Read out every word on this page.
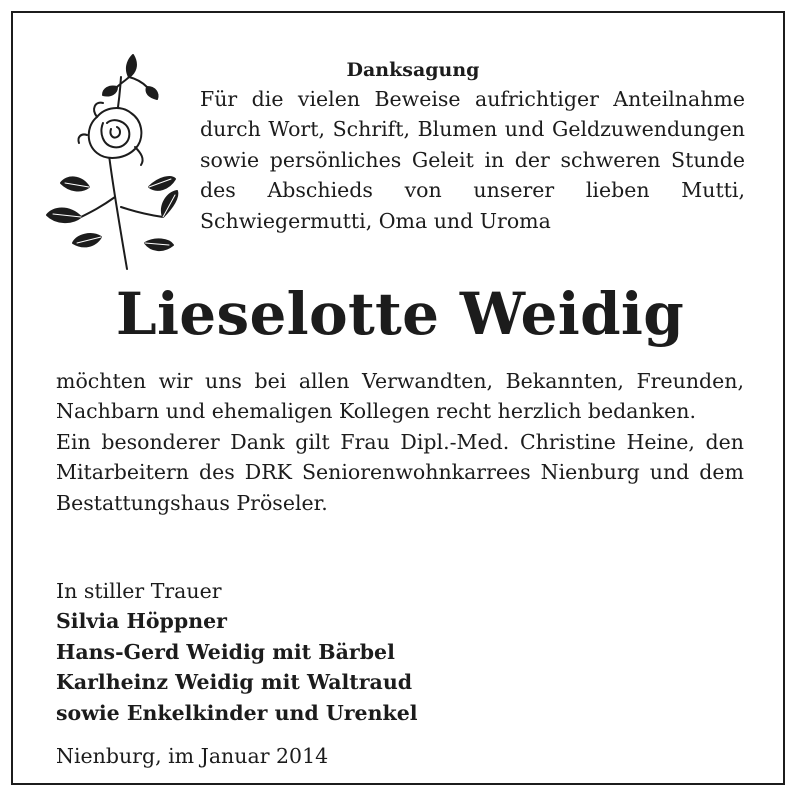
Danksagung

Für die vielen Beweise aufrichtiger Anteilnahme durch Wort, Schrift, Blumen und Geldzuwendungen sowie persönliches Geleit in der schweren Stunde des Abschieds von unserer lieben Mutti, Schwiegermutti, Oma und Uroma

Lieselotte Weidig
möchten wir uns bei allen Verwandten, Bekannten, Freunden, Nachbarn und ehemaligen Kollegen recht herzlich bedanken.
Ein besonderer Dank gilt Frau Dipl.-Med. Christine Heine, den Mitarbeitern des DRK Seniorenwohnkarrees Nienburg und dem Bestattungshaus Pröseler.
In stiller Trauer
Silvia Höppner
Hans-Gerd Weidig mit Bärbel
Karlheinz Weidig mit Waltraud
sowie Enkelkinder und Urenkel
Nienburg, im Januar 2014
